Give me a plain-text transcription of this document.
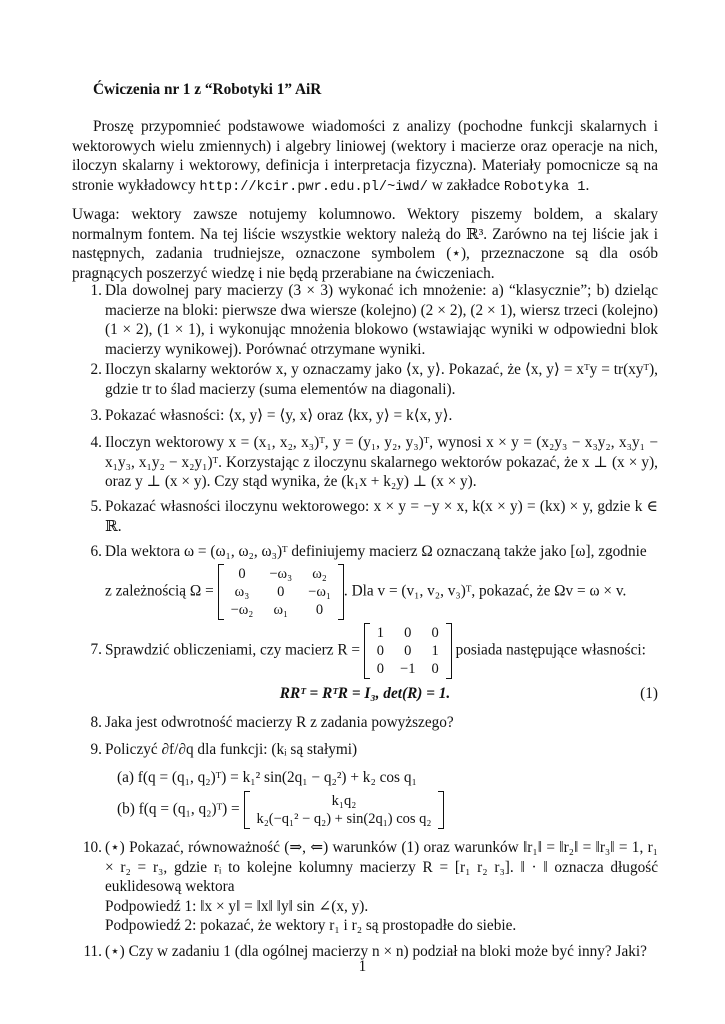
Ćwiczenia nr 1 z “Robotyki 1” AiR
Proszę przypomnieć podstawowe wiadomości z analizy (pochodne funkcji skalarnych i wektorowych wielu zmiennych) i algebry liniowej (wektory i macierze oraz operacje na nich, iloczyn skalarny i wektorowy, definicja i interpretacja fizyczna). Materiały pomocnicze są na stronie wykładowcy http://kcir.pwr.edu.pl/~iwd/ w zakładce Robotyka 1.
Uwaga: wektory zawsze notujemy kolumnowo. Wektory piszemy boldem, a skalary normalnym fontem. Na tej liście wszystkie wektory należą do ℝ³. Zarówno na tej liście jak i następnych, zadania trudniejsze, oznaczone symbolem (⋆), przeznaczone są dla osób pragnących poszerzyć wiedzę i nie będą przerabiane na ćwiczeniach.
1. Dla dowolnej pary macierzy (3 × 3) wykonać ich mnożenie: a) “klasycznie”; b) dzieląc macierze na bloki: pierwsze dwa wiersze (kolejno) (2 × 2), (2 × 1), wiersz trzeci (kolejno) (1 × 2), (1 × 1), i wykonując mnożenia blokowo (wstawiając wyniki w odpowiedni blok macierzy wynikowej). Porównać otrzymane wyniki.
2. Iloczyn skalarny wektorów x, y oznaczamy jako ⟨x, y⟩. Pokazać, że ⟨x, y⟩ = xᵀy = tr(xyᵀ), gdzie tr to ślad macierzy (suma elementów na diagonali).
3. Pokazać własności: ⟨x, y⟩ = ⟨y, x⟩ oraz ⟨kx, y⟩ = k⟨x, y⟩.
4. Iloczyn wektorowy x = (x₁, x₂, x₃)ᵀ, y = (y₁, y₂, y₃)ᵀ, wynosi x × y = (x₂y₃ − x₃y₂, x₃y₁ − x₁y₃, x₁y₂ − x₂y₁)ᵀ. Korzystając z iloczynu skalarnego wektorów pokazać, że x ⊥ (x × y), oraz y ⊥ (x × y). Czy stąd wynika, że (k₁x + k₂y) ⊥ (x × y).
5. Pokazać własności iloczynu wektorowego: x × y = −y × x, k(x × y) = (kx) × y, gdzie k ∈ ℝ.
6. Dla wektora ω = (ω₁, ω₂, ω₃)ᵀ definiujemy macierz Ω oznaczaną także jako [ω], zgodnie
z zależnością Ω =
0	−ω₃	ω₂
ω₃	0	−ω₁
−ω₂	ω₁	0
. Dla v = (v₁, v₂, v₃)ᵀ, pokazać, że Ωv = ω × v.
7. Sprawdzić obliczeniami, czy macierz R =
1	0	0
0	0	1
0	−1	0
posiada następujące własności:
RRᵀ = RᵀR = I₃, det(R) = 1.	(1)
8. Jaka jest odwrotność macierzy R z zadania powyższego?
9. Policzyć ∂f/∂q dla funkcji: (kᵢ są stałymi)
(a) f(q = (q₁, q₂)ᵀ) = k₁² sin(2q₁ − q₂²) + k₂ cos q₁
(b) f(q = (q₁, q₂)ᵀ) =	k₁q₂
k₂(−q₁² − q₂) + sin(2q₁) cos q₂
10. (⋆) Pokazać, równoważność (⇒, ⇐) warunków (1) oraz warunków ‖r₁‖ = ‖r₂‖ = ‖r₃‖ = 1, r₁ × r₂ = r₃, gdzie rᵢ to kolejne kolumny macierzy R = [r₁ r₂ r₃]. ‖ · ‖ oznacza długość euklidesową wektora
Podpowiedź 1: ‖x × y‖ = ‖x‖ ‖y‖ sin ∠(x, y).
Podpowiedź 2: pokazać, że wektory r₁ i r₂ są prostopadłe do siebie.
11. (⋆) Czy w zadaniu 1 (dla ogólnej macierzy n × n) podział na bloki może być inny? Jaki?
1
